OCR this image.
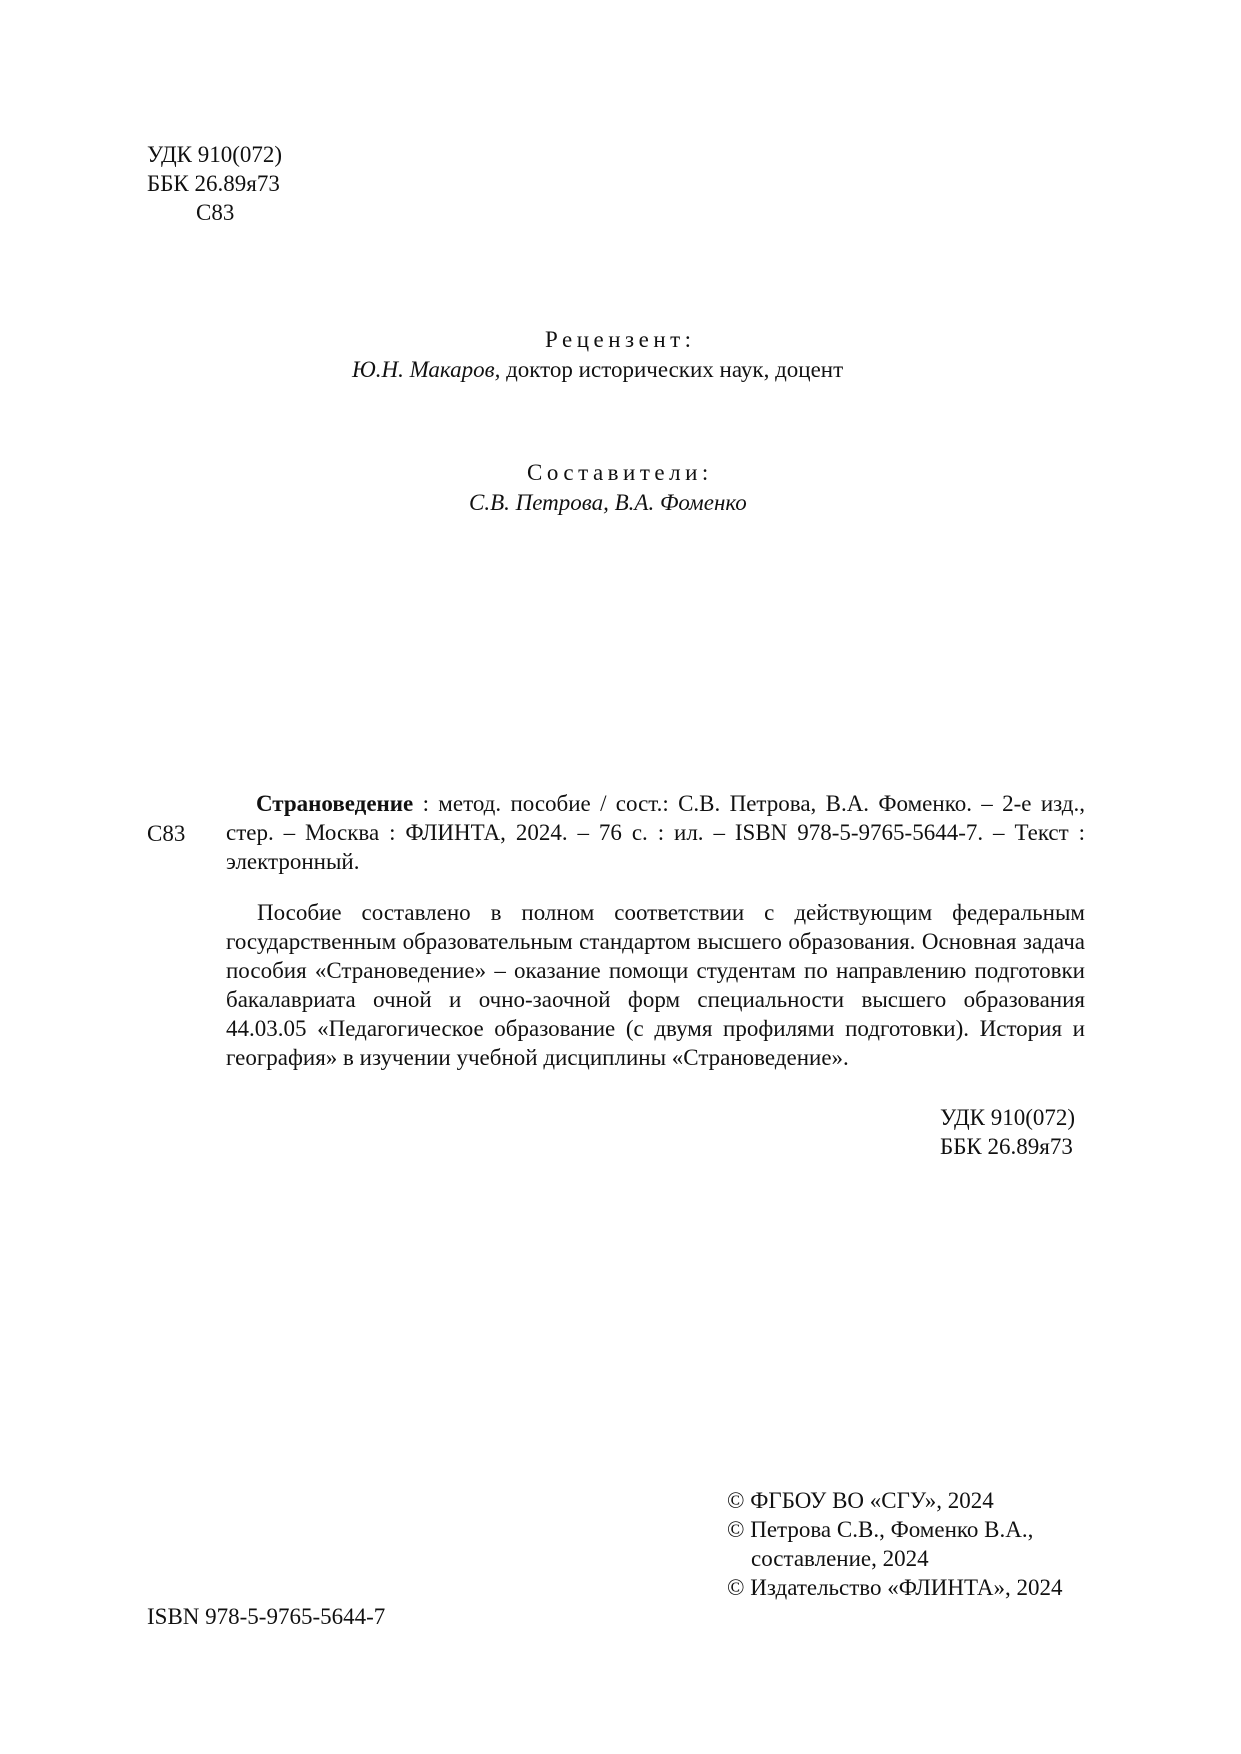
УДК 910(072)
ББК 26.89я73
С83
Рецензент:
Ю.Н. Макаров, доктор исторических наук, доцент
Составители:
С.В. Петрова, В.А. Фоменко
С83

Страноведение : метод. пособие / сост.: С.В. Петрова, В.А. Фоменко. – 2-е изд., стер. – Москва : ФЛИНТА, 2024. – 76 с. : ил. – ISBN 978-5-9765-5644-7. – Текст : электронный.

Пособие составлено в полном соответствии с действующим федеральным государственным образовательным стандартом высшего образования. Основная задача пособия «Страноведение» – оказание помощи студентам по направлению подготовки бакалавриата очной и очно-заочной форм специальности высшего образования 44.03.05 «Педагогическое образование (с двумя профилями подготовки). История и география» в изучении учебной дисциплины «Страноведение».

УДК 910(072)
ББК 26.89я73
ISBN 978-5-9765-5644-7
© ФГБОУ ВО «СГУ», 2024
© Петрова С.В., Фоменко В.А.,
составление, 2024
© Издательство «ФЛИНТА», 2024
